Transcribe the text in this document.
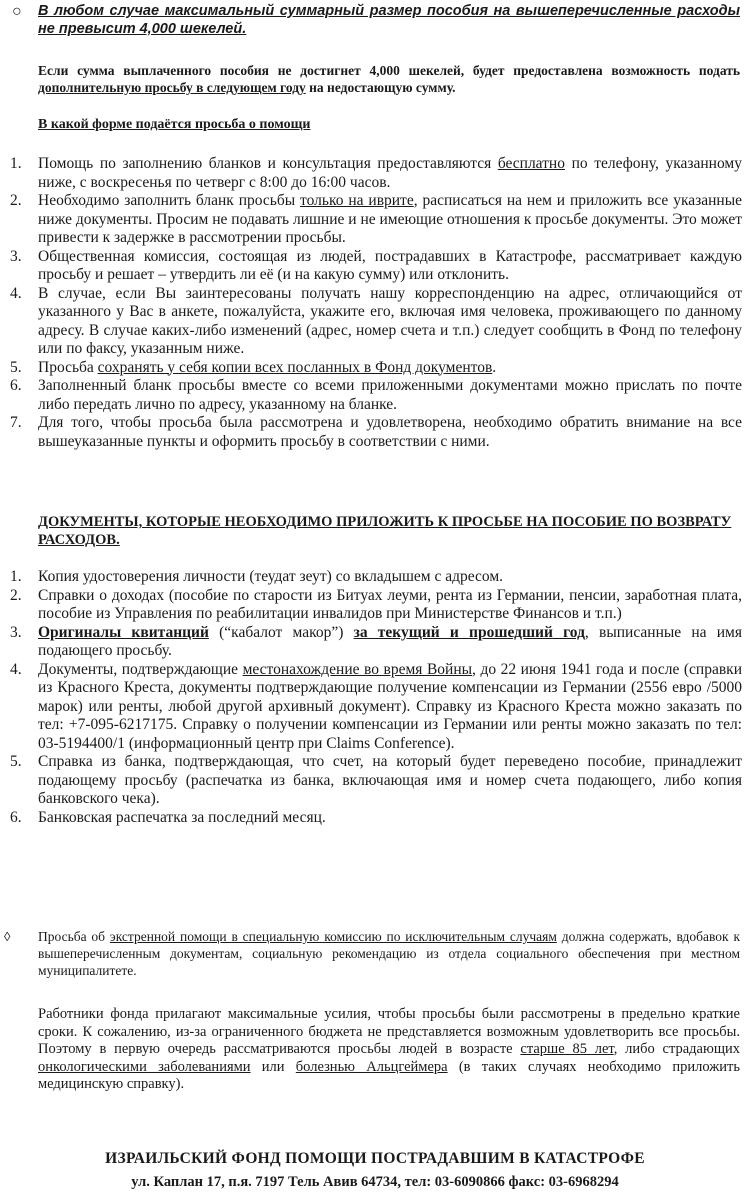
○ В любом случае максимальный суммарный размер пособия на вышеперечисленные расходы не превысит 4,000 шекелей.
Если сумма выплаченного пособия не достигнет 4,000 шекелей, будет предоставлена возможность подать дополнительную просьбу в следующем году на недостающую сумму.
В какой форме подаётся просьба о помощи
1. Помощь по заполнению бланков и консультация предоставляются бесплатно по телефону, указанному ниже, с воскресенья по четверг с 8:00 до 16:00 часов.
2. Необходимо заполнить бланк просьбы только на иврите, расписаться на нем и приложить все указанные ниже документы. Просим не подавать лишние и не имеющие отношения к просьбе документы. Это может привести к задержке в рассмотрении просьбы.
3. Общественная комиссия, состоящая из людей, пострадавших в Катастрофе, рассматривает каждую просьбу и решает – утвердить ли её (и на какую сумму) или отклонить.
4. В случае, если Вы заинтересованы получать нашу корреспонденцию на адрес, отличающийся от указанного у Вас в анкете, пожалуйста, укажите его, включая имя человека, проживающего по данному адресу. В случае каких-либо изменений (адрес, номер счета и т.п.) следует сообщить в Фонд по телефону или по факсу, указанным ниже.
5. Просьба сохранять у себя копии всех посланных в Фонд документов.
6. Заполненный бланк просьбы вместе со всеми приложенными документами можно прислать по почте либо передать лично по адресу, указанному на бланке.
7. Для того, чтобы просьба была рассмотрена и удовлетворена, необходимо обратить внимание на все вышеуказанные пункты и оформить просьбу в соответствии с ними.
ДОКУМЕНТЫ, КОТОРЫЕ НЕОБХОДИМО ПРИЛОЖИТЬ К ПРОСЬБЕ НА ПОСОБИЕ ПО ВОЗВРАТУ РАСХОДОВ.
1. Копия удостоверения личности (теудат зеут) со вкладышем с адресом.
2. Справки о доходах (пособие по старости из Битуах леуми, рента из Германии, пенсии, заработная плата, пособие из Управления по реабилитации инвалидов при Министерстве Финансов и т.п.)
3. Оригиналы квитанций (“кабалот макор”) за текущий и прошедший год, выписанные на имя подающего просьбу.
4. Документы, подтверждающие местонахождение во время Войны, до 22 июня 1941 года и после (справки из Красного Креста, документы подтверждающие получение компенсации из Германии (2556 евро /5000 марок) или ренты, любой другой архивный документ). Справку из Красного Креста можно заказать по тел: +7-095-6217175. Справку о получении компенсации из Германии или ренты можно заказать по тел: 03-5194400/1 (информационный центр при Claims Conference).
5. Справка из банка, подтверждающая, что счет, на который будет переведено пособие, принадлежит подающему просьбу (распечатка из банка, включающая имя и номер счета подающего, либо копия банковского чека).
6. Банковская распечатка за последний месяц.
◊ Просьба об экстренной помощи в специальную комиссию по исключительным случаям должна содержать, вдобавок к вышеперечисленным документам, социальную рекомендацию из отдела социального обеспечения при местном муниципалитете.
Работники фонда прилагают максимальные усилия, чтобы просьбы были рассмотрены в предельно краткие сроки. К сожалению, из-за ограниченного бюджета не представляется возможным удовлетворить все просьбы. Поэтому в первую очередь рассматриваются просьбы людей в возрасте старше 85 лет, либо страдающих онкологическими заболеваниями или болезнью Альцгеймера (в таких случаях необходимо приложить медицинскую справку).
ИЗРАИЛЬСКИЙ ФОНД ПОМОЩИ ПОСТРАДАВШИМ В КАТАСТРОФЕ
ул. Каплан 17, п.я. 7197 Тель Авив 64734, тел: 03-6090866 факс: 03-6968294
